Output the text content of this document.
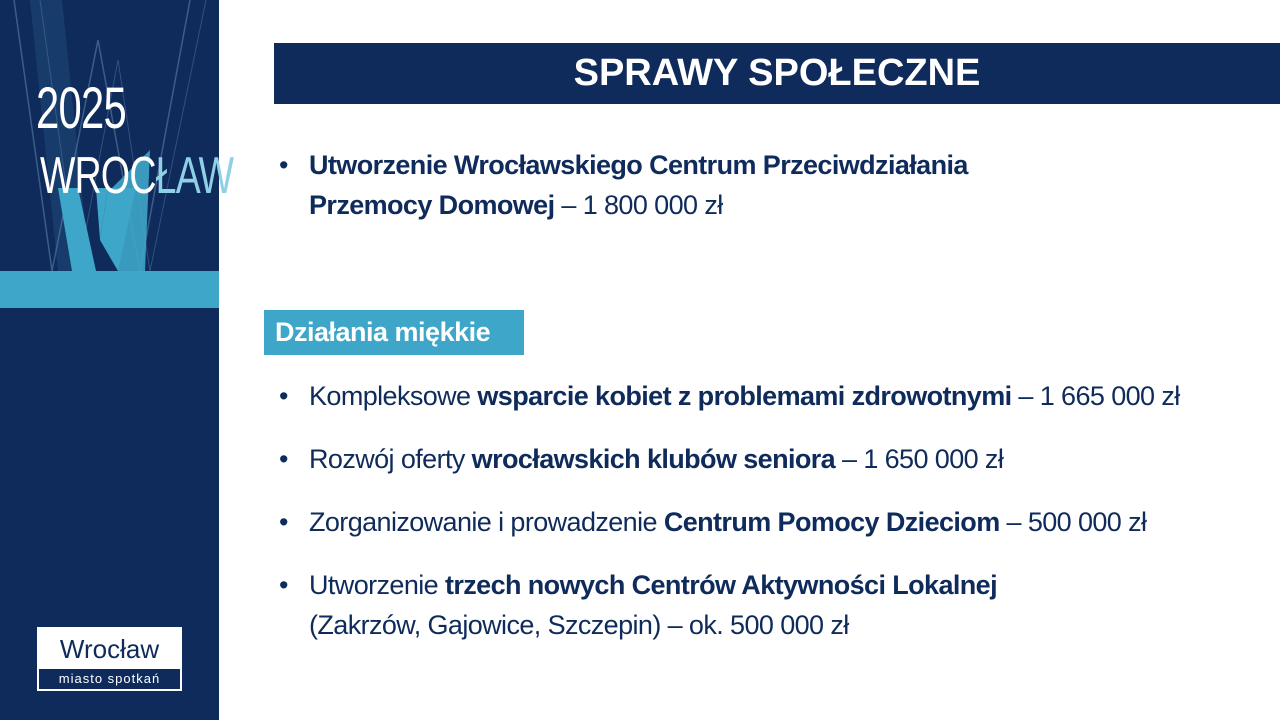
2025
WROCŁAW
Wrocław
miasto spotkań
SPRAWY SPOŁECZNE
• Utworzenie Wrocławskiego Centrum Przeciwdziałania
Przemocy Domowej – 1 800 000 zł
Działania miękkie
• Kompleksowe wsparcie kobiet z problemami zdrowotnymi – 1 665 000 zł
• Rozwój oferty wrocławskich klubów seniora – 1 650 000 zł
• Zorganizowanie i prowadzenie Centrum Pomocy Dzieciom – 500 000 zł
• Utworzenie trzech nowych Centrów Aktywności Lokalnej
(Zakrzów, Gajowice, Szczepin) – ok. 500 000 zł
